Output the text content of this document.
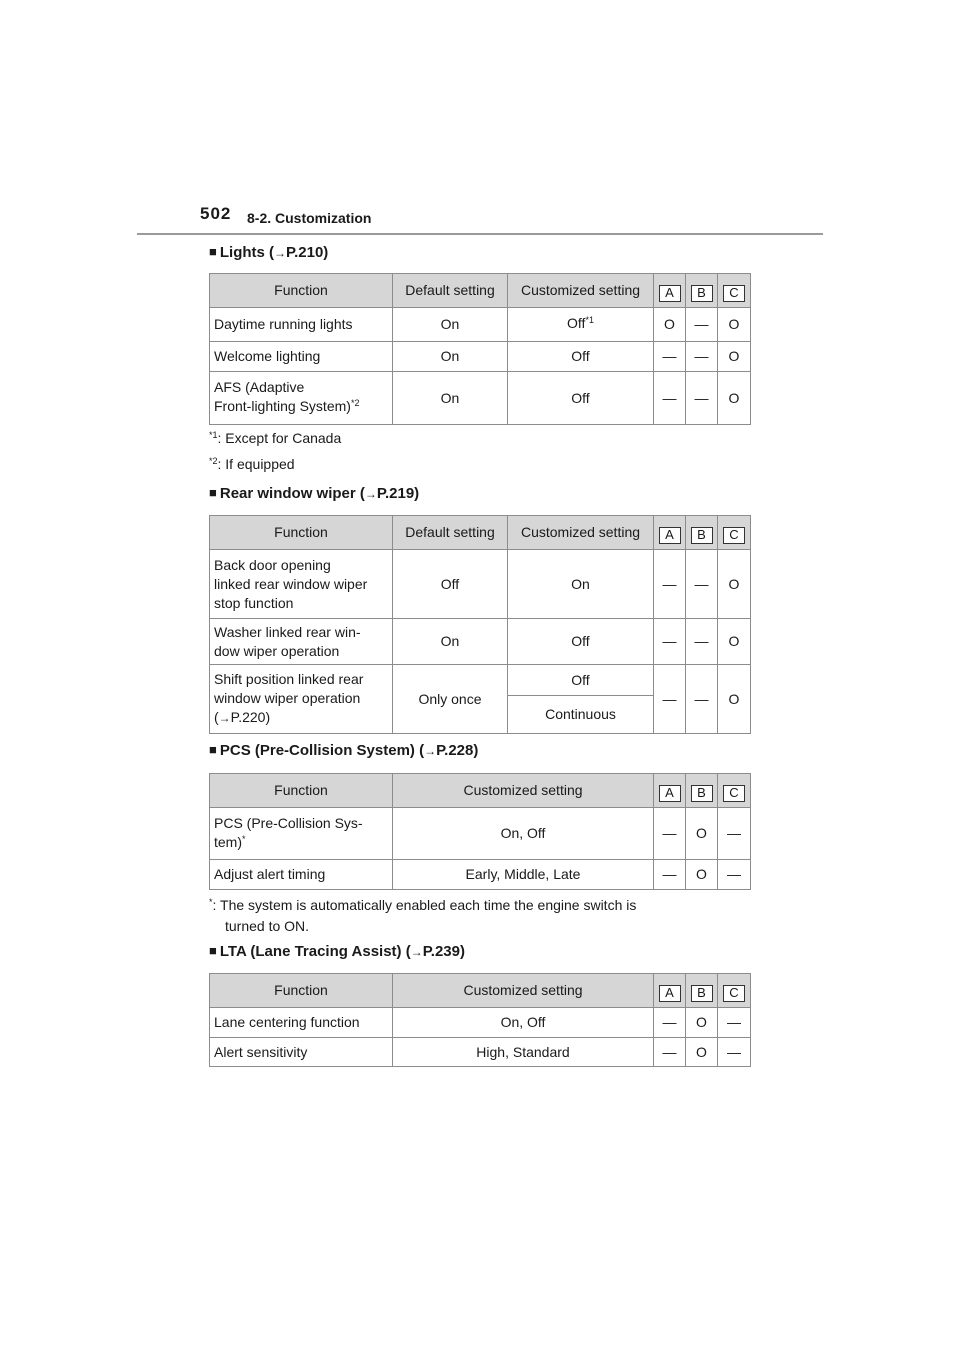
502 8-2. Customization
■ Lights (→P.210)
Function	Default setting	Customized setting	A	B	C
Daytime running lights	On	Off$^{*1}$	O	—	O
Welcome lighting	On	Off	—	—	O
AFS (Adaptive
Front-lighting System)$^{*2}$	On	Off	—	—	O
$^{*1}$: Except for Canada
$^{*2}$: If equipped
■ Rear window wiper (→P.219)
Function	Default setting	Customized setting	A	B	C
Back door opening
linked rear window wiper
stop function	Off	On	—	—	O
Washer linked rear win-
dow wiper operation	On	Off	—	—	O
Shift position linked rear
window wiper operation
(→P.220)	Only once	Off	—	—	O
		Continuous			
■ PCS (Pre-Collision System) (→P.228)
Function	Customized setting	A	B	C
PCS (Pre-Collision Sys-
tem)*	On, Off	—	O	—
Adjust alert timing	Early, Middle, Late	—	O	—
*: The system is automatically enabled each time the engine switch is
turned to ON.
■ LTA (Lane Tracing Assist) (→P.239)
Function	Customized setting	A	B	C
Lane centering function	On, Off	—	O	—
Alert sensitivity	High, Standard	—	O	—
